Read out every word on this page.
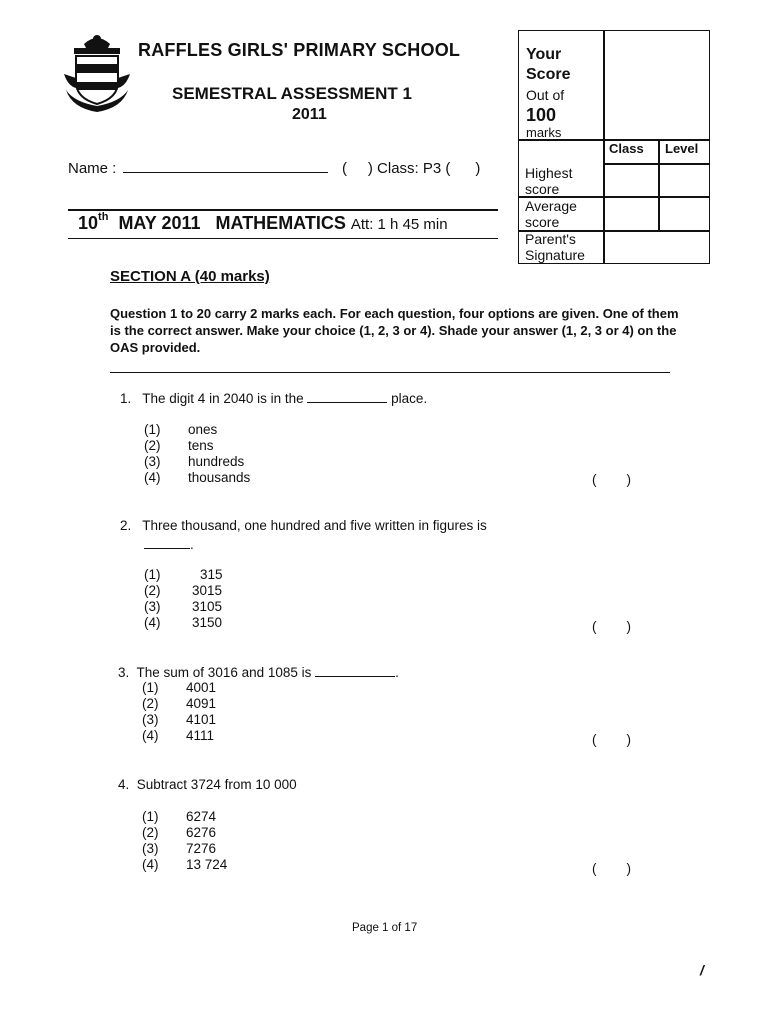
RAFFLES GIRLS' PRIMARY SCHOOL
SEMESTRAL ASSESSMENT 1
2011
Name :	( ) Class: P3 ( )
10th MAY 2011 MATHEMATICS Att: 1 h 45 min
Your
Score
Out of
100
marks
Class Level
Highest
score
Average
score
Parent's
Signature
SECTION A (40 marks)
Question 1 to 20 carry 2 marks each. For each question, four options are given. One of them is the correct answer. Make your choice (1, 2, 3 or 4). Shade your answer (1, 2, 3 or 4) on the OAS provided.
1. The digit 4 in 2040 is in the	place.
(1) ones
(2) tens
(3) hundreds
(4) thousands	( )
2. Three thousand, one hundred and five written in figures is
.
(1)	315
(2) 3015
(3) 3105
(4) 3150	( )
3. The sum of 3016 and 1085 is	.
(1) 4001
(2) 4091
(3) 4101
(4) 4111	( )
4. Subtract 3724 from 10 000
(1) 6274
(2) 6276
(3) 7276
(4) 13 724	( )
Page 1 of 17
/
